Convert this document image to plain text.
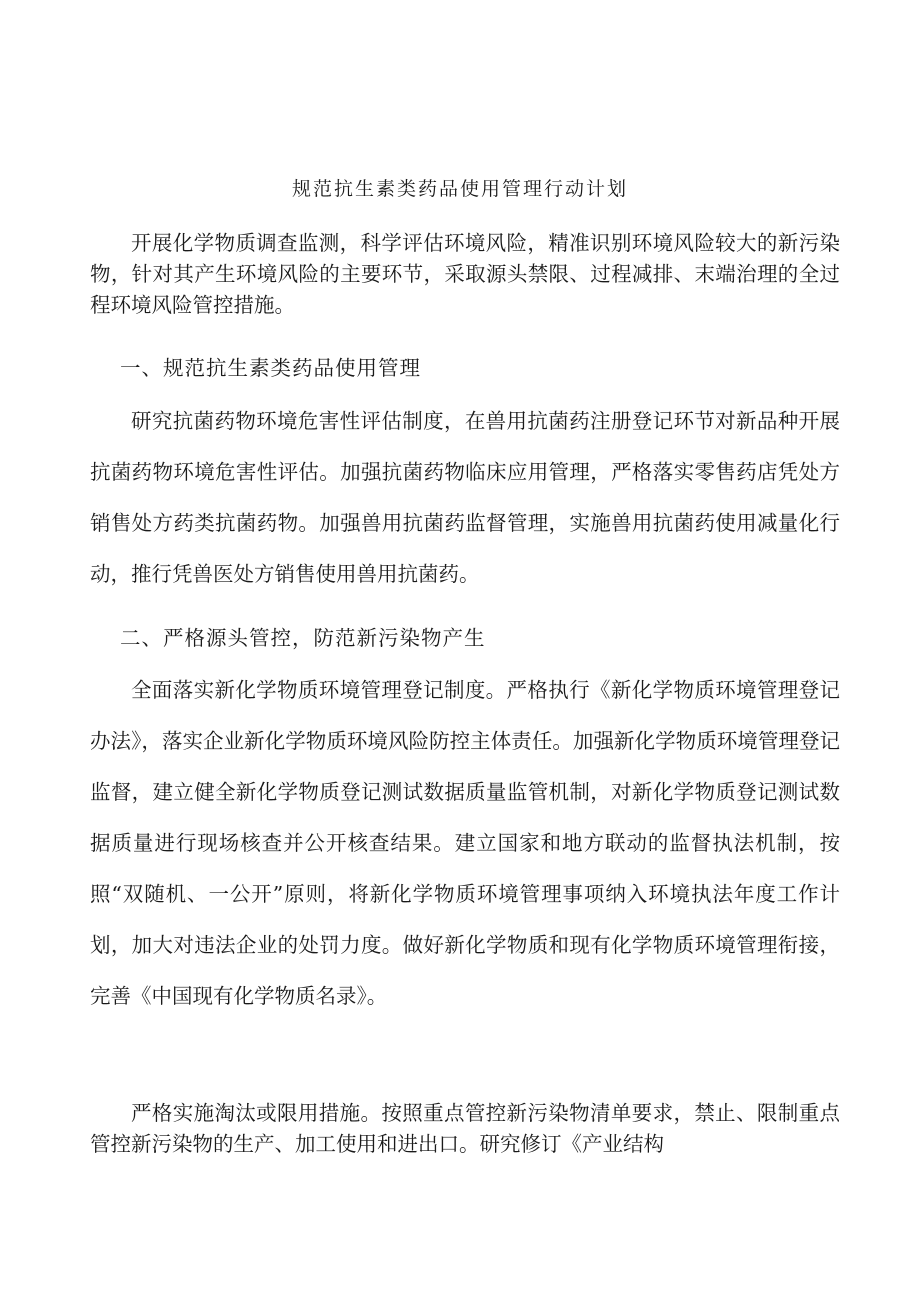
规范抗生素类药品使用管理行动计划

开展化学物质调查监测，科学评估环境风险，精准识别环境风险较大的新污染物，针对其产生环境风险的主要环节，采取源头禁限、过程减排、末端治理的全过程环境风险管控措施。

一、规范抗生素类药品使用管理

研究抗菌药物环境危害性评估制度，在兽用抗菌药注册登记环节对新品种开展抗菌药物环境危害性评估。加强抗菌药物临床应用管理，严格落实零售药店凭处方销售处方药类抗菌药物。加强兽用抗菌药监督管理，实施兽用抗菌药使用减量化行动，推行凭兽医处方销售使用兽用抗菌药。

二、严格源头管控，防范新污染物产生

全面落实新化学物质环境管理登记制度。严格执行《新化学物质环境管理登记办法》，落实企业新化学物质环境风险防控主体责任。加强新化学物质环境管理登记监督，建立健全新化学物质登记测试数据质量监管机制，对新化学物质登记测试数据质量进行现场核查并公开核查结果。建立国家和地方联动的监督执法机制，按照“双随机、一公开”原则，将新化学物质环境管理事项纳入环境执法年度工作计划，加大对违法企业的处罚力度。做好新化学物质和现有化学物质环境管理衔接，完善《中国现有化学物质名录》。

严格实施淘汰或限用措施。按照重点管控新污染物清单要求，禁止、限制重点管控新污染物的生产、加工使用和进出口。研究修订《产业结构
